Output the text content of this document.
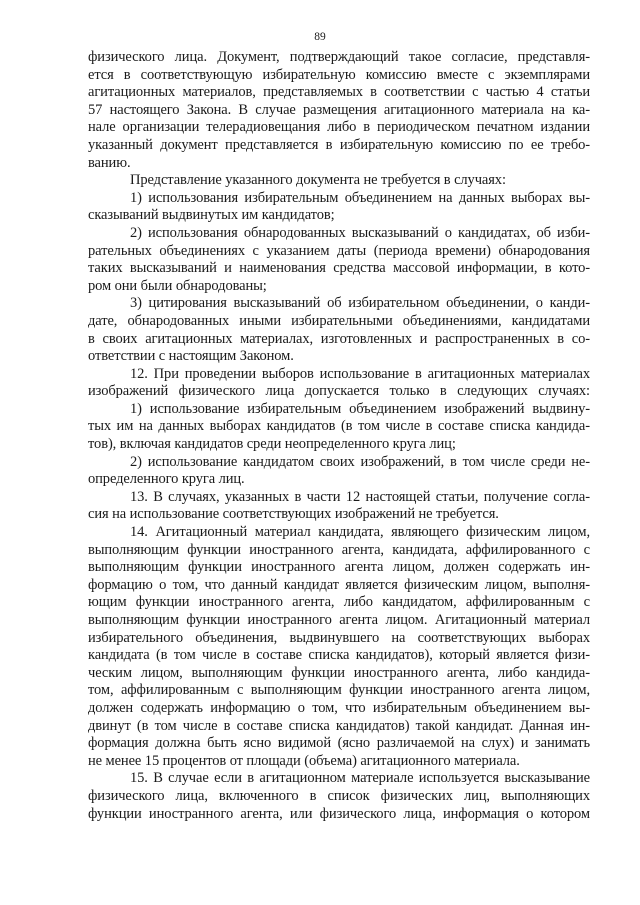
89
физического лица. Документ, подтверждающий такое согласие, представля-
ется в соответствующую избирательную комиссию вместе с экземплярами
агитационных материалов, представляемых в соответствии с частью 4 статьи
57 настоящего Закона. В случае размещения агитационного материала на ка-
нале организации телерадиовещания либо в периодическом печатном издании
указанный документ представляется в избирательную комиссию по ее требо-
ванию.
Представление указанного документа не требуется в случаях:
1) использования избирательным объединением на данных выборах вы-
сказываний выдвинутых им кандидатов;
2) использования обнародованных высказываний о кандидатах, об изби-
рательных объединениях с указанием даты (периода времени) обнародования
таких высказываний и наименования средства массовой информации, в кото-
ром они были обнародованы;
3) цитирования высказываний об избирательном объединении, о канди-
дате, обнародованных иными избирательными объединениями, кандидатами
в своих агитационных материалах, изготовленных и распространенных в со-
ответствии с настоящим Законом.
12. При проведении выборов использование в агитационных материалах
изображений физического лица допускается только в следующих случаях:
1) использование избирательным объединением изображений выдвину-
тых им на данных выборах кандидатов (в том числе в составе списка кандида-
тов), включая кандидатов среди неопределенного круга лиц;
2) использование кандидатом своих изображений, в том числе среди не-
определенного круга лиц.
13. В случаях, указанных в части 12 настоящей статьи, получение согла-
сия на использование соответствующих изображений не требуется.
14. Агитационный материал кандидата, являющего физическим лицом,
выполняющим функции иностранного агента, кандидата, аффилированного с
выполняющим функции иностранного агента лицом, должен содержать ин-
формацию о том, что данный кандидат является физическим лицом, выполня-
ющим функции иностранного агента, либо кандидатом, аффилированным с
выполняющим функции иностранного агента лицом. Агитационный материал
избирательного объединения, выдвинувшего на соответствующих выборах
кандидата (в том числе в составе списка кандидатов), который является физи-
ческим лицом, выполняющим функции иностранного агента, либо кандида-
том, аффилированным с выполняющим функции иностранного агента лицом,
должен содержать информацию о том, что избирательным объединением вы-
двинут (в том числе в составе списка кандидатов) такой кандидат. Данная ин-
формация должна быть ясно видимой (ясно различаемой на слух) и занимать
не менее 15 процентов от площади (объема) агитационного материала.
15. В случае если в агитационном материале используется высказывание
физического лица, включенного в список физических лиц, выполняющих
функции иностранного агента, или физического лица, информация о котором
